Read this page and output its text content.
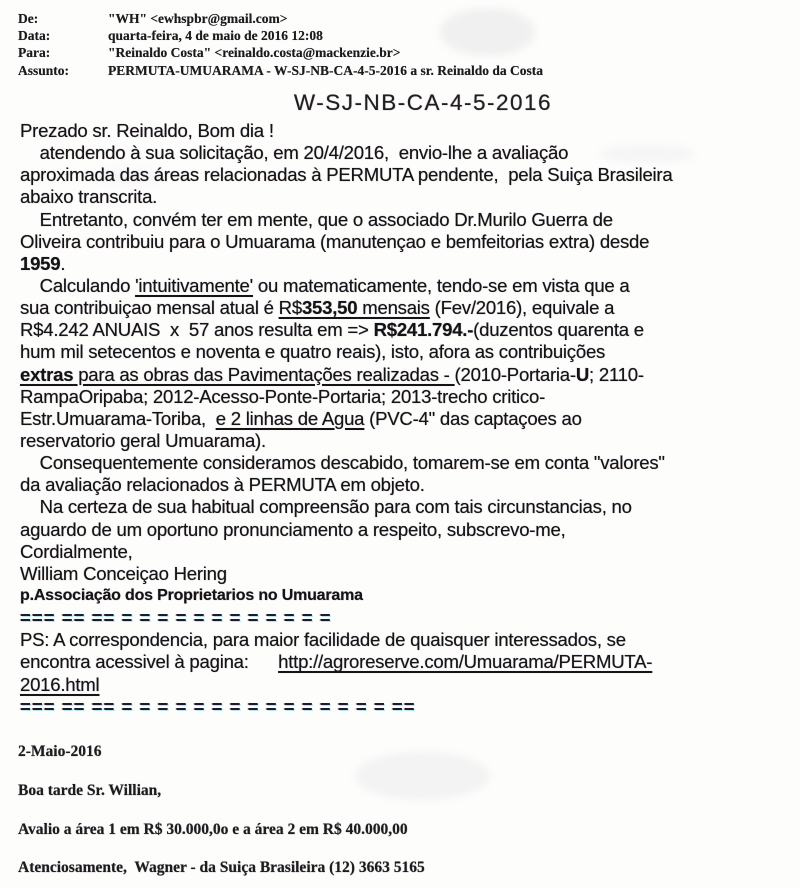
De:	"WH" <ewhspbr@gmail.com>
Data:	quarta-feira, 4 de maio de 2016 12:08
Para:	"Reinaldo Costa" <reinaldo.costa@mackenzie.br>
Assunto:	PERMUTA-UMUARAMA - W-SJ-NB-CA-4-5-2016 a sr. Reinaldo da Costa
W-SJ-NB-CA-4-5-2016
Prezado sr. Reinaldo, Bom dia !
atendendo à sua solicitação, em 20/4/2016,  envio-lhe a avaliação
aproximada das áreas relacionadas à PERMUTA pendente,  pela Suiça Brasileira
abaixo transcrita.
Entretanto, convém ter em mente, que o associado Dr.Murilo Guerra de
Oliveira contribuiu para o Umuarama (manutençao e bemfeitorias extra) desde
1959.
Calculando 'intuitivamente' ou matematicamente, tendo-se em vista que a
sua contribuiçao mensal atual é R$353,50 mensais (Fev/2016), equivale a
R$4.242 ANUAIS  x  57 anos resulta em => R$241.794.-(duzentos quarenta e
hum mil setecentos e noventa e quatro reais), isto, afora as contribuições
extras para as obras das Pavimentações realizadas - (2010-Portaria-U; 2110-
RampaOripaba; 2012-Acesso-Ponte-Portaria; 2013-trecho critico-
Estr.Umuarama-Toriba,  e 2 linhas de Agua (PVC-4" das captaçoes ao
reservatorio geral Umuarama).
Consequentemente consideramos descabido, tomarem-se em conta "valores"
da avaliação relacionados à PERMUTA em objeto.
Na certeza de sua habitual compreensão para com tais circunstancias, no
aguardo de um oportuno pronunciamento a respeito, subscrevo-me,
Cordialmente,
William Conceiçao Hering
p.Associação dos Proprietarios no Umuarama
=== == == = = = = = = = = = = = =
PS: A correspondencia, para maior facilidade de quaisquer interessados, se
encontra acessivel à pagina:      http://agroreserve.com/Umuarama/PERMUTA-
2016.html
=== == == = = = = = = = = = = = = = = = ==
2-Maio-2016
Boa tarde Sr. Willian,
Avalio a área 1 em R$ 30.000,0o e a área 2 em R$ 40.000,00
Atenciosamente,  Wagner - da Suiça Brasileira (12) 3663 5165
